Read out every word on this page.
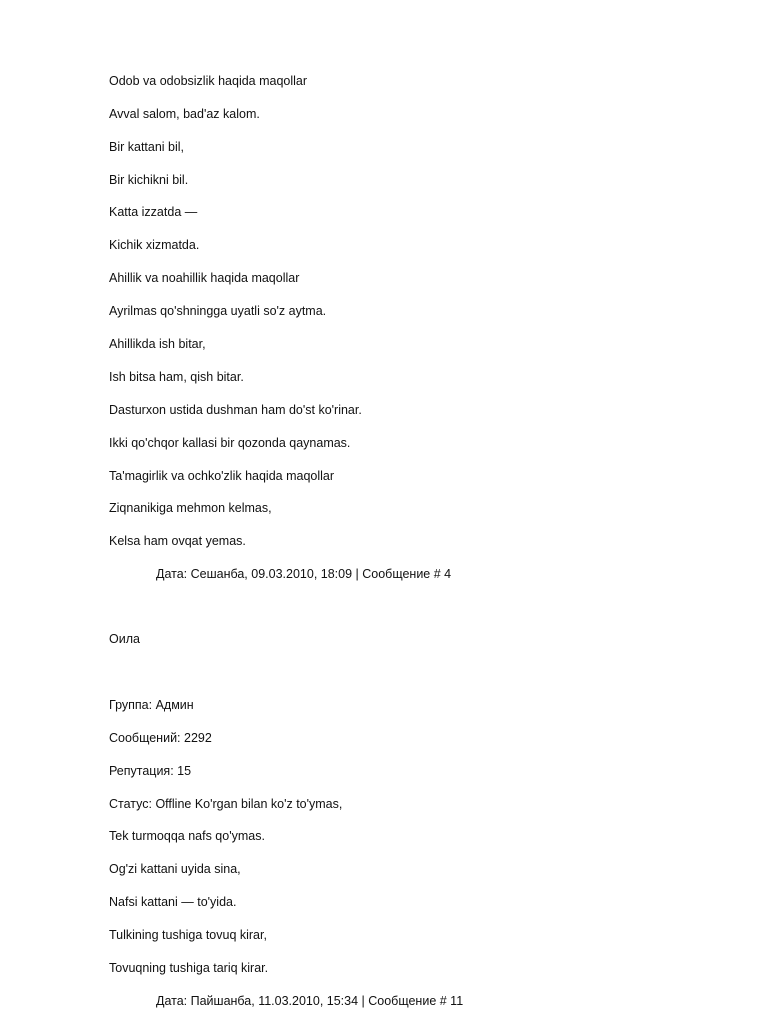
Odob va odobsizlik haqida maqollar
Avval salom, bad'az kalom.
Bir kattani bil,
Bir kichikni bil.
Katta izzatda —
Kichik xizmatda.
Ahillik va noahillik haqida maqollar
Ayrilmas qo'shningga uyatli so'z aytma.
Ahillikda ish bitar,
Ish bitsa ham, qish bitar.
Dasturxon ustida dushman ham do'st ko'rinar.
Ikki qo'chqor kallasi bir qozonda qaynamas.
Ta'magirlik va ochko'zlik haqida maqollar
Ziqnanikiga mehmon kelmas,
Kelsa ham ovqat yemas.
Дата: Сешанба, 09.03.2010, 18:09 | Сообщение # 4
Оила
Группа: Админ
Сообщений: 2292
Репутация: 15
Статус: Offline Ko'rgan bilan ko'z to'ymas,
Tek turmoqqa nafs qo'ymas.
Og'zi kattani uyida sina,
Nafsi kattani — to'yida.
Tulkining tushiga tovuq kirar,
Tovuqning tushiga tariq kirar.
Дата: Пайшанба, 11.03.2010, 15:34 | Сообщение # 11
